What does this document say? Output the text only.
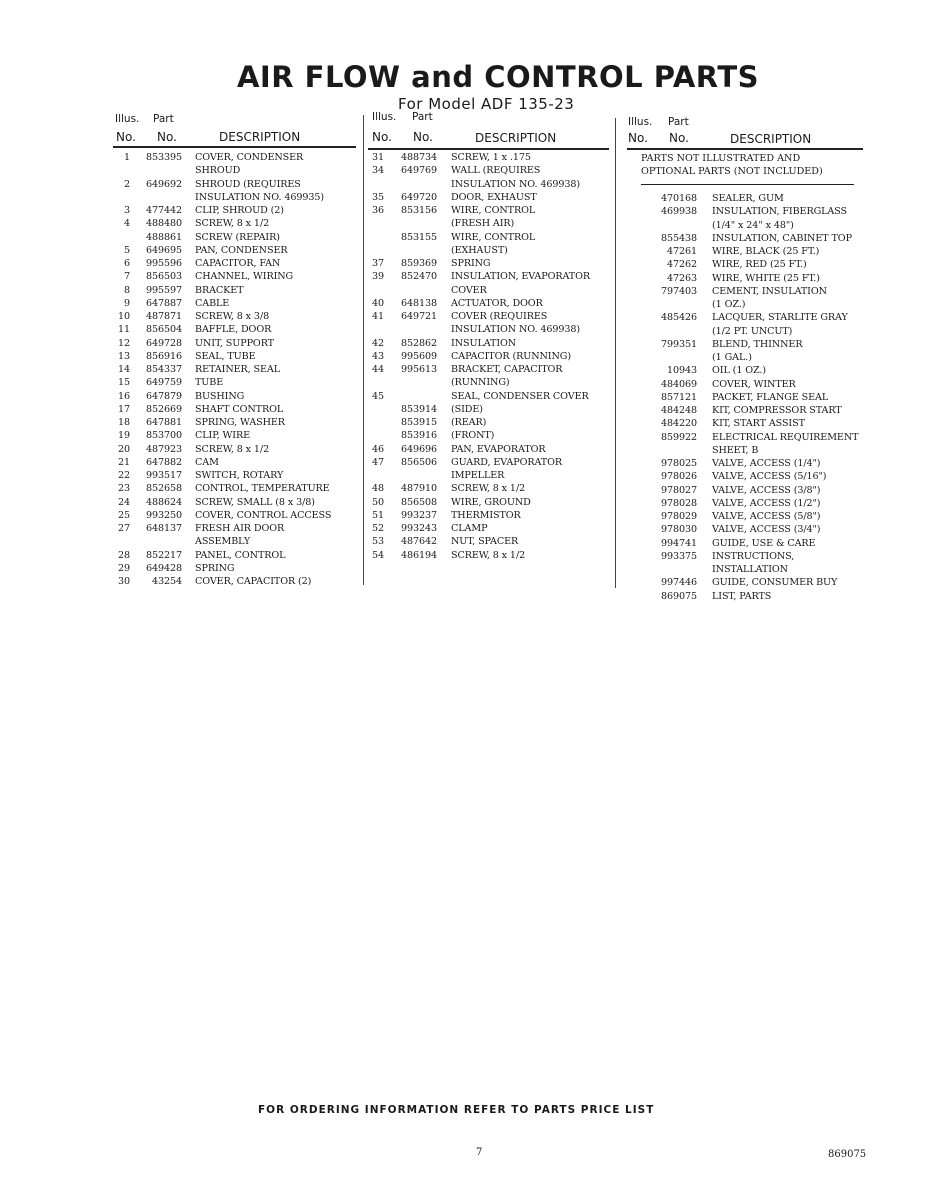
AIR FLOW and CONTROL PARTS
For Model ADF 135-23
Illus. Part
No. No.	DESCRIPTION
Illus. Part
No. No.	DESCRIPTION
Illus. Part
No. No.	DESCRIPTION
PARTS NOT ILLUSTRATED AND
OPTIONAL PARTS (NOT INCLUDED)
1	853395 COVER, CONDENSER
SHROUD
2	649692 SHROUD (REQUIRES
INSULATION NO. 469935)
3	477442 CLIP, SHROUD (2)
4	488480 SCREW, 8 x 1/2
488861 SCREW (REPAIR)
5	649695 PAN, CONDENSER
6	995596 CAPACITOR, FAN
7	856503 CHANNEL, WIRING
8	995597 BRACKET
9	647887 CABLE
10	487871 SCREW, 8 x 3/8
11	856504 BAFFLE, DOOR
12	649728 UNIT, SUPPORT
13	856916 SEAL, TUBE
14	854337 RETAINER, SEAL
15	649759 TUBE
16	647879 BUSHING
17	852669 SHAFT CONTROL
18	647881 SPRING, WASHER
19	853700 CLIP, WIRE
20	487923 SCREW, 8 x 1/2
21	647882 CAM
22	993517 SWITCH, ROTARY
23	852658 CONTROL, TEMPERATURE
24	488624 SCREW, SMALL (8 x 3/8)
25	993250 COVER, CONTROL ACCESS
27	648137 FRESH AIR DOOR
ASSEMBLY
28	852217 PANEL, CONTROL
29	649428 SPRING
30	43254 COVER, CAPACITOR (2)
31	488734 SCREW, 1 x .175
34	649769 WALL (REQUIRES
INSULATION NO. 469938)
35	649720 DOOR, EXHAUST
36	853156 WIRE, CONTROL
(FRESH AIR)
853155 WIRE, CONTROL
(EXHAUST)
37	859369 SPRING
39	852470 INSULATION, EVAPORATOR
COVER
40	648138 ACTUATOR, DOOR
41	649721 COVER (REQUIRES
INSULATION NO. 469938)
42	852862 INSULATION
43	995609 CAPACITOR (RUNNING)
44	995613 BRACKET, CAPACITOR
(RUNNING)
45	SEAL, CONDENSER COVER
853914 (SIDE)
853915 (REAR)
853916 (FRONT)
46	649696 PAN, EVAPORATOR
47	856506 GUARD, EVAPORATOR
IMPELLER
48	487910 SCREW, 8 x 1/2
50	856508 WIRE, GROUND
51	993237 THERMISTOR
52	993243 CLAMP
53	487642 NUT, SPACER
54	486194 SCREW, 8 x 1/2
470168 SEALER, GUM
469938 INSULATION, FIBERGLASS
(1/4" x 24" x 48")
855438 INSULATION, CABINET TOP
47261 WIRE, BLACK (25 FT.)
47262 WIRE, RED (25 FT.)
47263 WIRE, WHITE (25 FT.)
797403 CEMENT, INSULATION
(1 OZ.)
485426 LACQUER, STARLITE GRAY
(1/2 PT. UNCUT)
799351 BLEND, THINNER
(1 GAL.)
10943 OIL (1 OZ.)
484069 COVER, WINTER
857121 PACKET, FLANGE SEAL
484248 KIT, COMPRESSOR START
484220 KIT, START ASSIST
859922 ELECTRICAL REQUIREMENT
SHEET, B
978025 VALVE, ACCESS (1/4")
978026 VALVE, ACCESS (5/16")
978027 VALVE, ACCESS (3/8")
978028 VALVE, ACCESS (1/2")
978029 VALVE, ACCESS (5/8")
978030 VALVE, ACCESS (3/4")
994741 GUIDE, USE & CARE
993375 INSTRUCTIONS,
INSTALLATION
997446 GUIDE, CONSUMER BUY
869075 LIST, PARTS
FOR ORDERING INFORMATION REFER TO PARTS PRICE LIST
7	869075
